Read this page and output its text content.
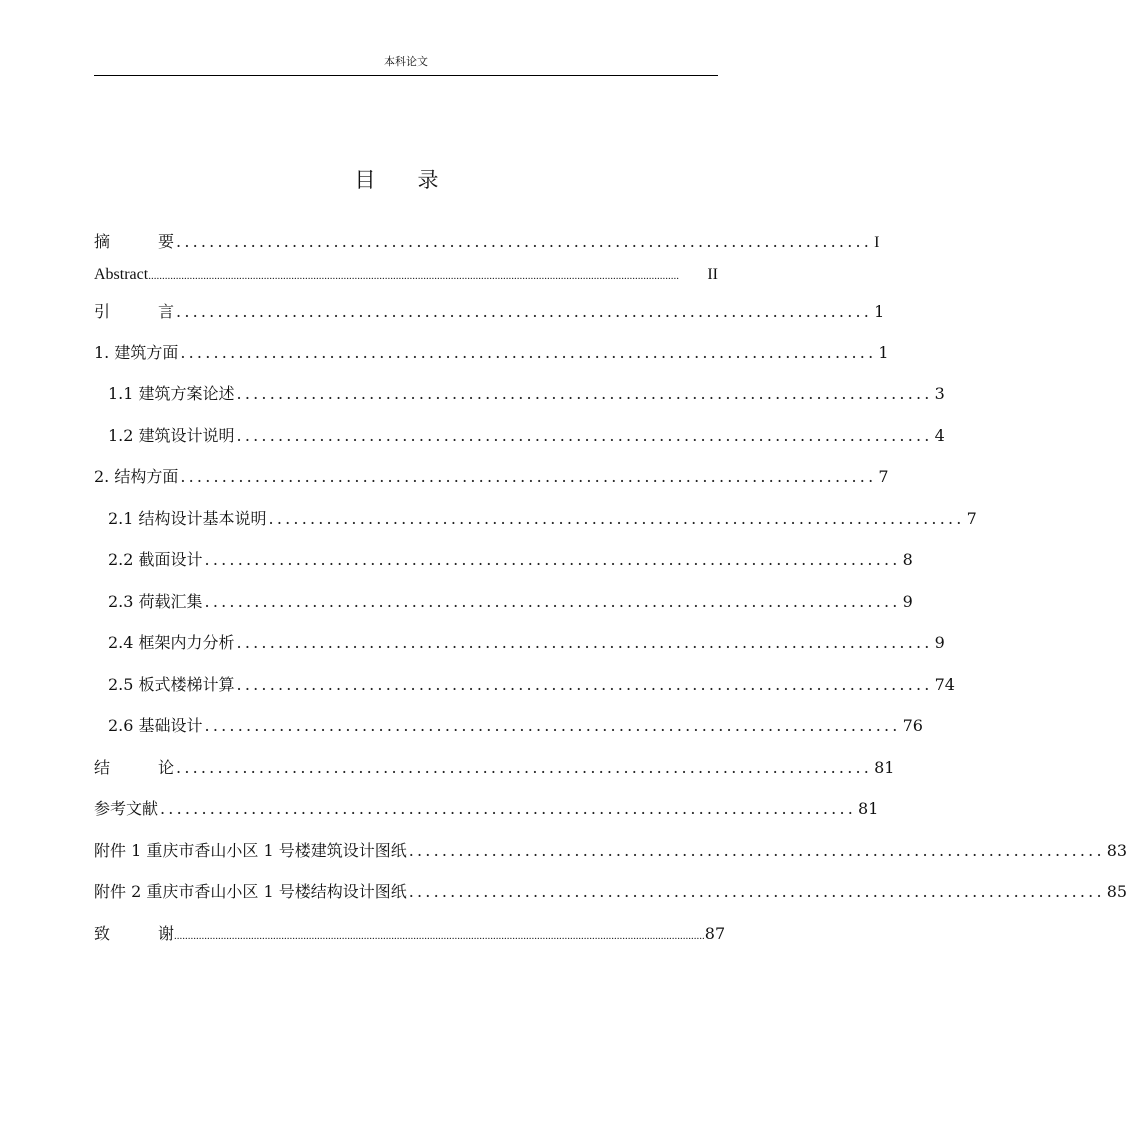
本科论文
目 录
摘	要 .................................................................................... I
Abstract .................................................................................................................................................................................................	II
引	言 .................................................................................... 1
1. 建筑方面 .................................................................................... 1
1.1 建筑方案论述 .................................................................................... 3
1.2 建筑设计说明 .................................................................................... 4
2. 结构方面 .................................................................................... 7
2.1 结构设计基本说明 .................................................................................... 7
2.2 截面设计 .................................................................................... 8
2.3 荷载汇集 .................................................................................... 9
2.4 框架内力分析 .................................................................................... 9
2.5 板式楼梯计算 .................................................................................... 74
2.6 基础设计 .................................................................................... 76
结	论 .................................................................................... 81
参考文献 .................................................................................... 81
附件 1 重庆市香山小区 1 号楼建筑设计图纸 .................................................................................... 83
附件 2 重庆市香山小区 1 号楼结构设计图纸 .................................................................................... 85
致	谢 ................................................................................................................................................................................................. 87
